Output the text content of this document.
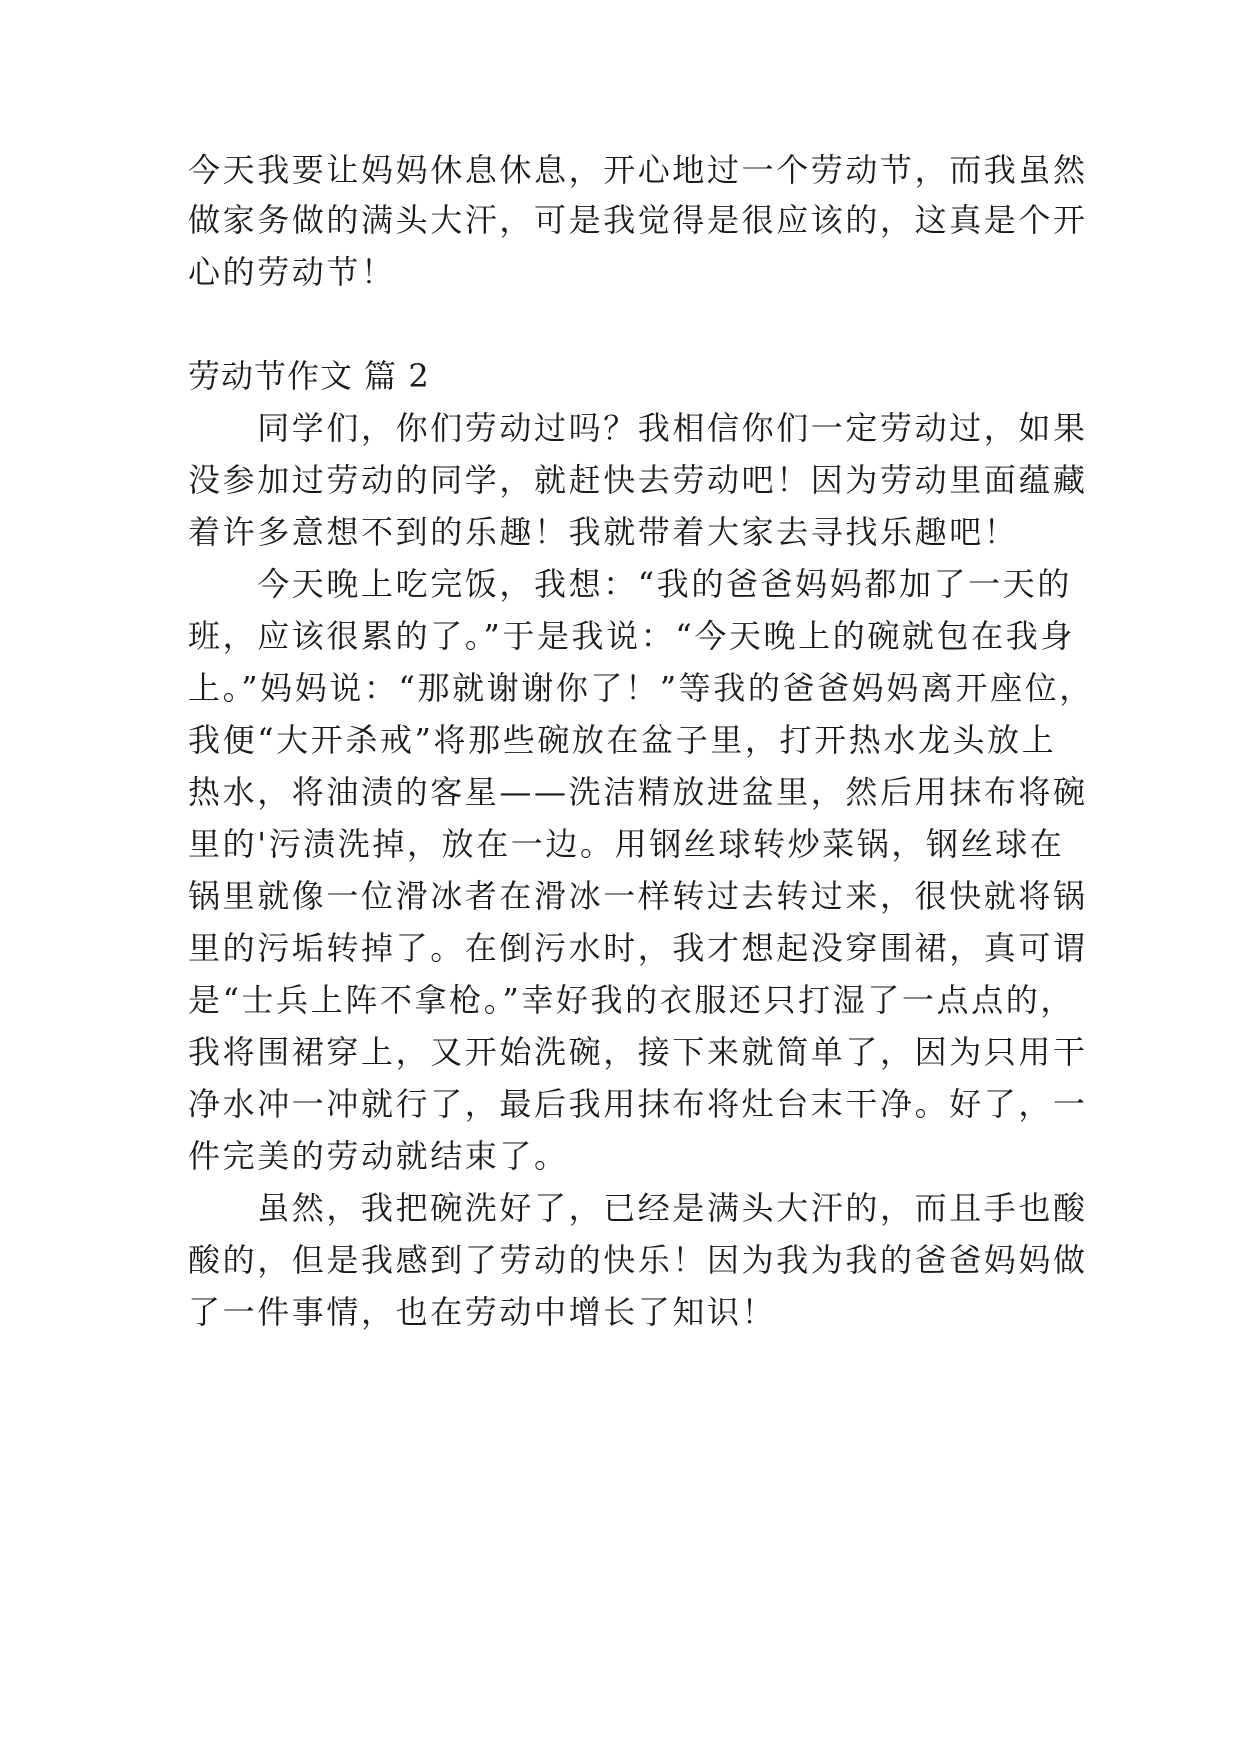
今天我要让妈妈休息休息，开心地过一个劳动节，而我虽然
做家务做的满头大汗，可是我觉得是很应该的，这真是个开
心的劳动节！
劳动节作文 篇 2
　　同学们，你们劳动过吗？我相信你们一定劳动过，如果
没参加过劳动的同学，就赶快去劳动吧！因为劳动里面蕴藏
着许多意想不到的乐趣！我就带着大家去寻找乐趣吧！
　　今天晚上吃完饭，我想：“我的爸爸妈妈都加了一天的
班，应该很累的了。”于是我说：“今天晚上的碗就包在我身
上。”妈妈说：“那就谢谢你了！”等我的爸爸妈妈离开座位，
我便“大开杀戒”将那些碗放在盆子里，打开热水龙头放上
热水，将油渍的客星——洗洁精放进盆里，然后用抹布将碗
里的'污渍洗掉，放在一边。用钢丝球转炒菜锅，钢丝球在
锅里就像一位滑冰者在滑冰一样转过去转过来，很快就将锅
里的污垢转掉了。在倒污水时，我才想起没穿围裙，真可谓
是“士兵上阵不拿枪。”幸好我的衣服还只打湿了一点点的，
我将围裙穿上，又开始洗碗，接下来就简单了，因为只用干
净水冲一冲就行了，最后我用抹布将灶台末干净。好了，一
件完美的劳动就结束了。
　　虽然，我把碗洗好了，已经是满头大汗的，而且手也酸
酸的，但是我感到了劳动的快乐！因为我为我的爸爸妈妈做
了一件事情，也在劳动中增长了知识！
